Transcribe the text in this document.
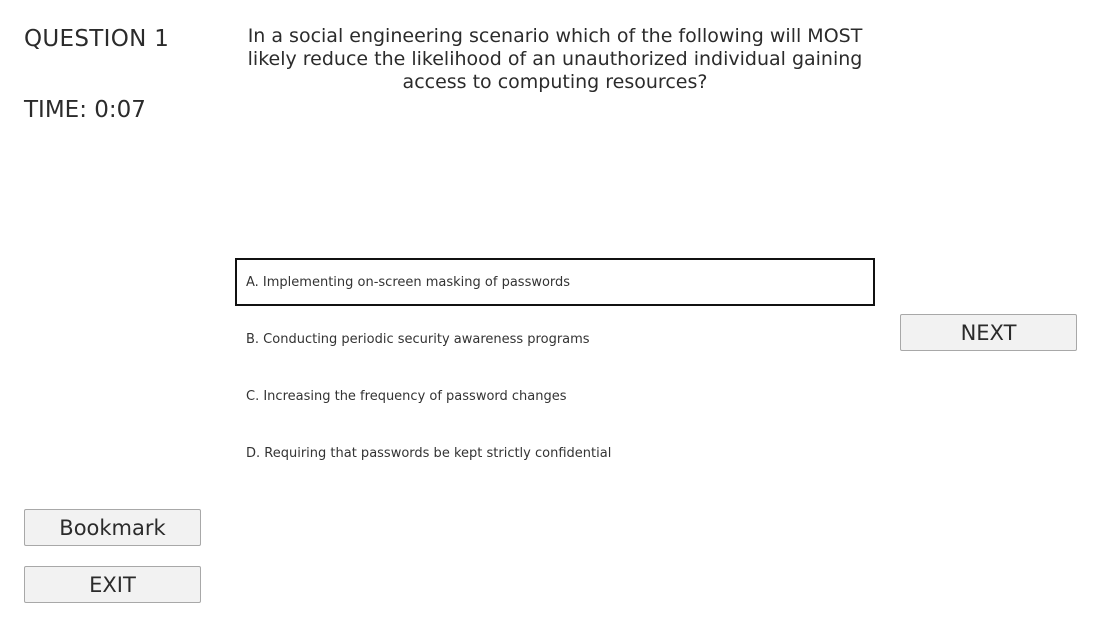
QUESTION 1
TIME: 0:07
In a social engineering scenario which of the following will MOST likely reduce the likelihood of an unauthorized individual gaining access to computing resources?
A. Implementing on-screen masking of passwords
B. Conducting periodic security awareness programs
C. Increasing the frequency of password changes
D. Requiring that passwords be kept strictly confidential
NEXT
Bookmark
EXIT
